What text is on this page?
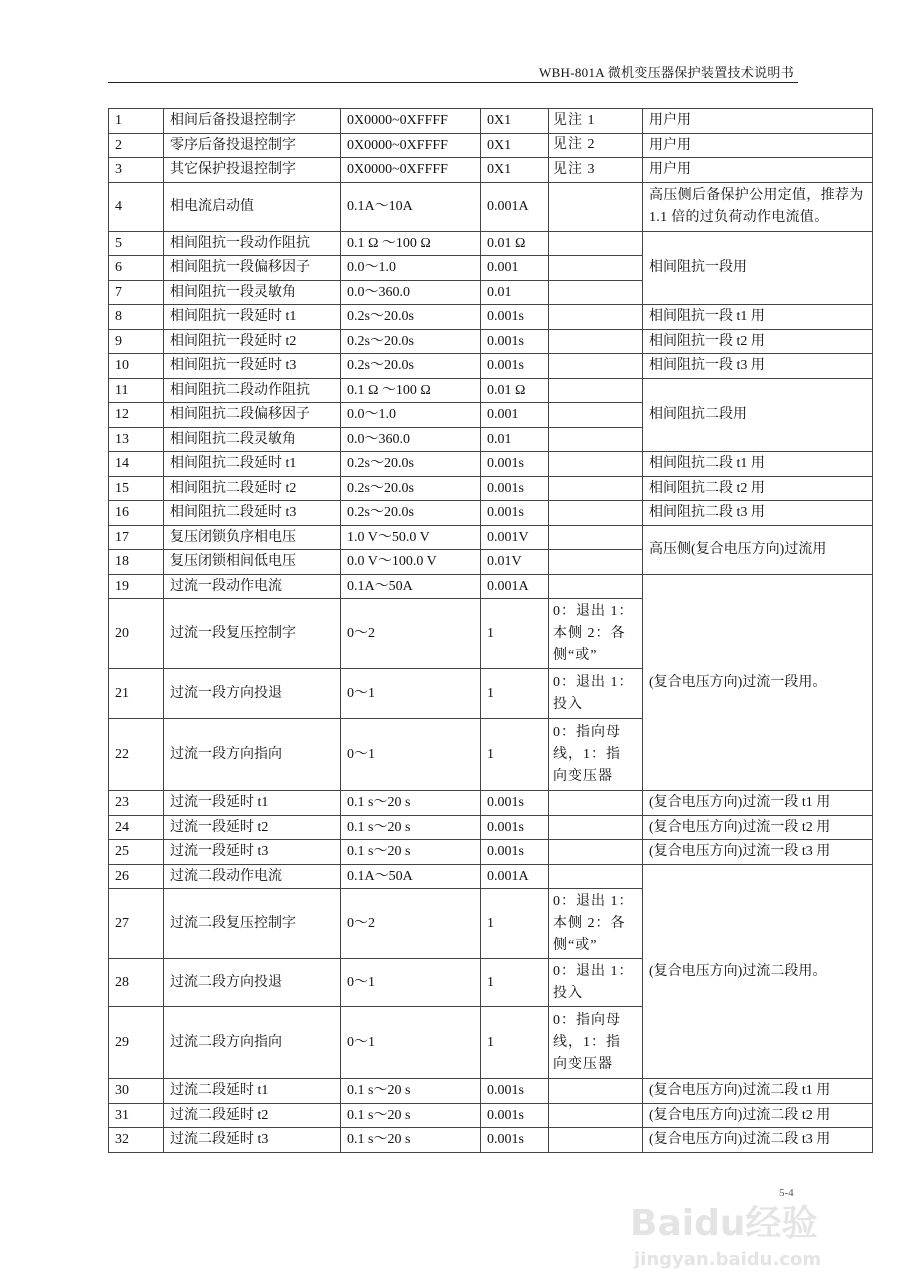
WBH-801A 微机变压器保护装置技术说明书
1	相间后备投退控制字	0X0000~0XFFFF	0X1	见注 1	用户用
2	零序后备投退控制字	0X0000~0XFFFF	0X1	见注 2	用户用
3	其它保护投退控制字	0X0000~0XFFFF	0X1	见注 3	用户用
4	相电流启动值	0.1A～10A	0.001A		高压侧后备保护公用定值，推荐为 1.1 倍的过负荷动作电流值。
5	相间阻抗一段动作阻抗	0.1 Ω ～100 Ω	0.01 Ω		相间阻抗一段用
6	相间阻抗一段偏移因子	0.0～1.0	0.001		
7	相间阻抗一段灵敏角	0.0～360.0	0.01		
8	相间阻抗一段延时 t1	0.2s～20.0s	0.001s		相间阻抗一段 t1 用
9	相间阻抗一段延时 t2	0.2s～20.0s	0.001s		相间阻抗一段 t2 用
10	相间阻抗一段延时 t3	0.2s～20.0s	0.001s		相间阻抗一段 t3 用
11	相间阻抗二段动作阻抗	0.1 Ω ～100 Ω	0.01 Ω		相间阻抗二段用
12	相间阻抗二段偏移因子	0.0～1.0	0.001		
13	相间阻抗二段灵敏角	0.0～360.0	0.01		
14	相间阻抗二段延时 t1	0.2s～20.0s	0.001s		相间阻抗二段 t1 用
15	相间阻抗二段延时 t2	0.2s～20.0s	0.001s		相间阻抗二段 t2 用
16	相间阻抗二段延时 t3	0.2s～20.0s	0.001s		相间阻抗二段 t3 用
17	复压闭锁负序相电压	1.0 V～50.0 V	0.001V		高压侧(复合电压方向)过流用
18	复压闭锁相间低电压	0.0 V～100.0 V	0.01V		
19	过流一段动作电流	0.1A～50A	0.001A		(复合电压方向)过流一段用。
20	过流一段复压控制字	0～2	1	0：退出 1：
本侧 2：各
侧“或”	
21	过流一段方向投退	0～1	1	0：退出 1：
投入	
22	过流一段方向指向	0～1	1	0：指向母
线，1：指
向变压器	
23	过流一段延时 t1	0.1 s～20 s	0.001s		(复合电压方向)过流一段 t1 用
24	过流一段延时 t2	0.1 s～20 s	0.001s		(复合电压方向)过流一段 t2 用
25	过流一段延时 t3	0.1 s～20 s	0.001s		(复合电压方向)过流一段 t3 用
26	过流二段动作电流	0.1A～50A	0.001A		(复合电压方向)过流二段用。
27	过流二段复压控制字	0～2	1	0：退出 1：
本侧 2：各
侧“或”	
28	过流二段方向投退	0～1	1	0：退出 1：
投入	
29	过流二段方向指向	0～1	1	0：指向母
线，1：指
向变压器	
30	过流二段延时 t1	0.1 s～20 s	0.001s		(复合电压方向)过流二段 t1 用
31	过流二段延时 t2	0.1 s～20 s	0.001s		(复合电压方向)过流二段 t2 用
32	过流二段延时 t3	0.1 s～20 s	0.001s		(复合电压方向)过流二段 t3 用
5-4
Baidu经验
jingyan.baidu.com
